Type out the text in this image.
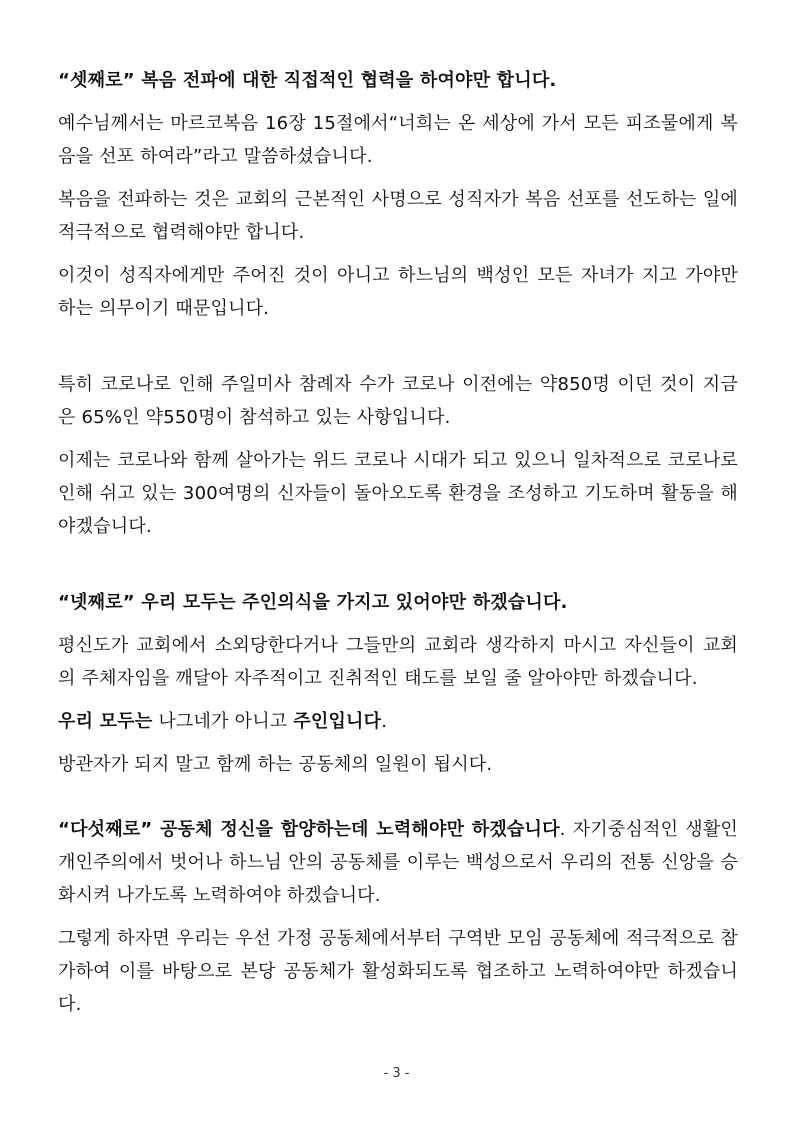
“셋째로” 복음 전파에 대한 직접적인 협력을 하여야만 합니다.

예수님께서는 마르코복음 16장 15절에서“너희는 온 세상에 가서 모든 피조물에게 복음을 선포 하여라”라고 말씀하셨습니다.

복음을 전파하는 것은 교회의 근본적인 사명으로 성직자가 복음 선포를 선도하는 일에 적극적으로 협력해야만 합니다.

이것이 성직자에게만 주어진 것이 아니고 하느님의 백성인 모든 자녀가 지고 가야만 하는 의무이기 때문입니다.

특히 코로나로 인해 주일미사 참례자 수가 코로나 이전에는 약850명 이던 것이 지금은 65%인 약550명이 참석하고 있는 사항입니다.

이제는 코로나와 함께 살아가는 위드 코로나 시대가 되고 있으니 일차적으로 코로나로 인해 쉬고 있는 300여명의 신자들이 돌아오도록 환경을 조성하고 기도하며 활동을 해야겠습니다.

“넷째로” 우리 모두는 주인의식을 가지고 있어야만 하겠습니다.

평신도가 교회에서 소외당한다거나 그들만의 교회라 생각하지 마시고 자신들이 교회의 주체자임을 깨달아 자주적이고 진취적인 태도를 보일 줄 알아야만 하겠습니다.

우리 모두는 나그네가 아니고 주인입니다.

방관자가 되지 말고 함께 하는 공동체의 일원이 됩시다.

“다섯째로” 공동체 정신을 함양하는데 노력해야만 하겠습니다. 자기중심적인 생활인 개인주의에서 벗어나 하느님 안의 공동체를 이루는 백성으로서 우리의 전통 신앙을 승화시켜 나가도록 노력하여야 하겠습니다.

그렇게 하자면 우리는 우선 가정 공동체에서부터 구역반 모임 공동체에 적극적으로 참가하여 이를 바탕으로 본당 공동체가 활성화되도록 협조하고 노력하여야만 하겠습니다.

- 3 -
